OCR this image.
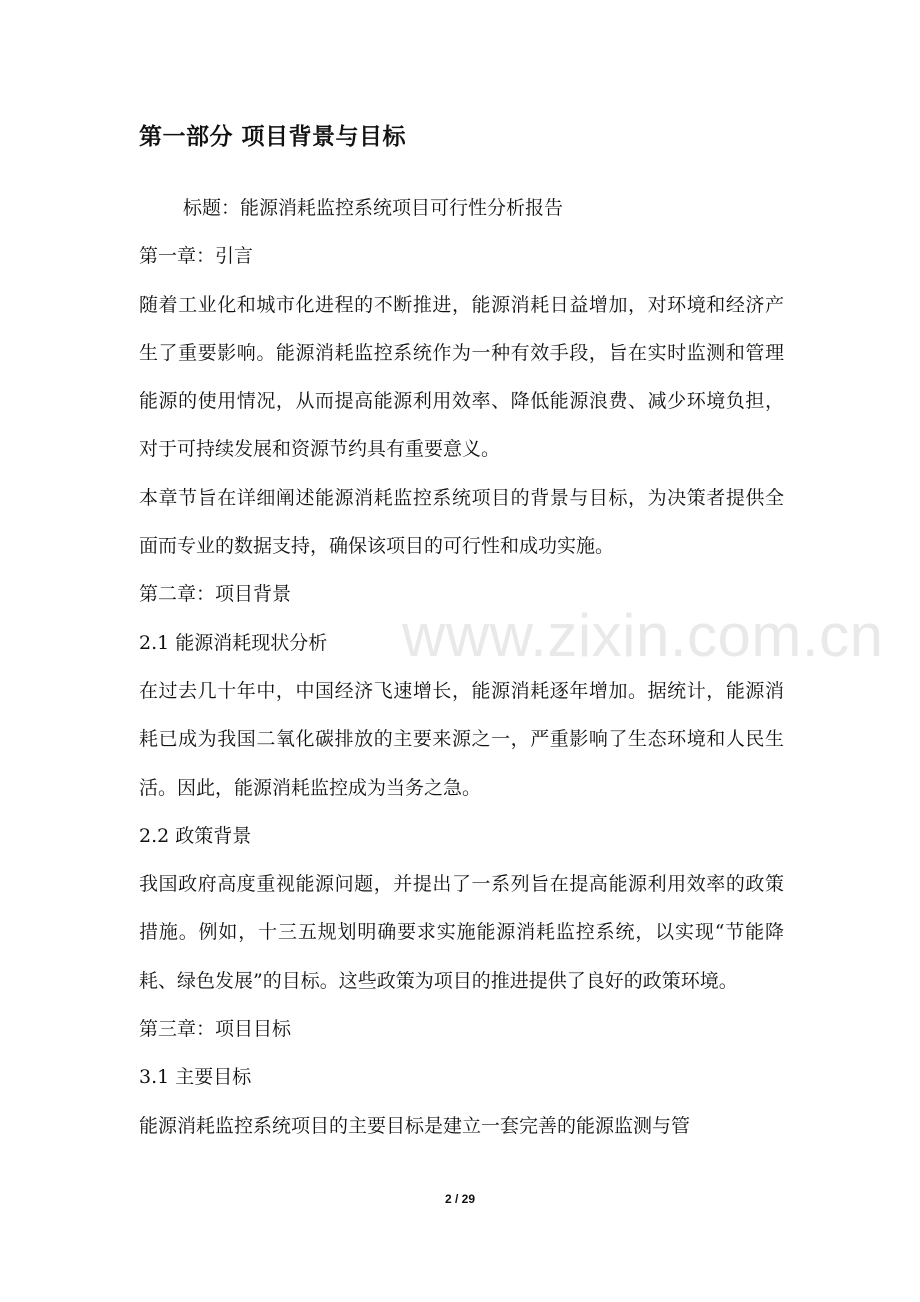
第一部分 项目背景与目标

标题：能源消耗监控系统项目可行性分析报告

第一章：引言

随着工业化和城市化进程的不断推进，能源消耗日益增加，对环境和经济产生了重要影响。能源消耗监控系统作为一种有效手段，旨在实时监测和管理能源的使用情况，从而提高能源利用效率、降低能源浪费、减少环境负担，对于可持续发展和资源节约具有重要意义。

本章节旨在详细阐述能源消耗监控系统项目的背景与目标，为决策者提供全面而专业的数据支持，确保该项目的可行性和成功实施。

第二章：项目背景

2.1 能源消耗现状分析

在过去几十年中，中国经济飞速增长，能源消耗逐年增加。据统计，能源消耗已成为我国二氧化碳排放的主要来源之一，严重影响了生态环境和人民生活。因此，能源消耗监控成为当务之急。

2.2 政策背景

我国政府高度重视能源问题，并提出了一系列旨在提高能源利用效率的政策措施。例如，十三五规划明确要求实施能源消耗监控系统，以实现“节能降耗、绿色发展”的目标。这些政策为项目的推进提供了良好的政策环境。

第三章：项目目标

3.1 主要目标

能源消耗监控系统项目的主要目标是建立一套完善的能源监测与管

www.zixin.com.cn

2 / 29
